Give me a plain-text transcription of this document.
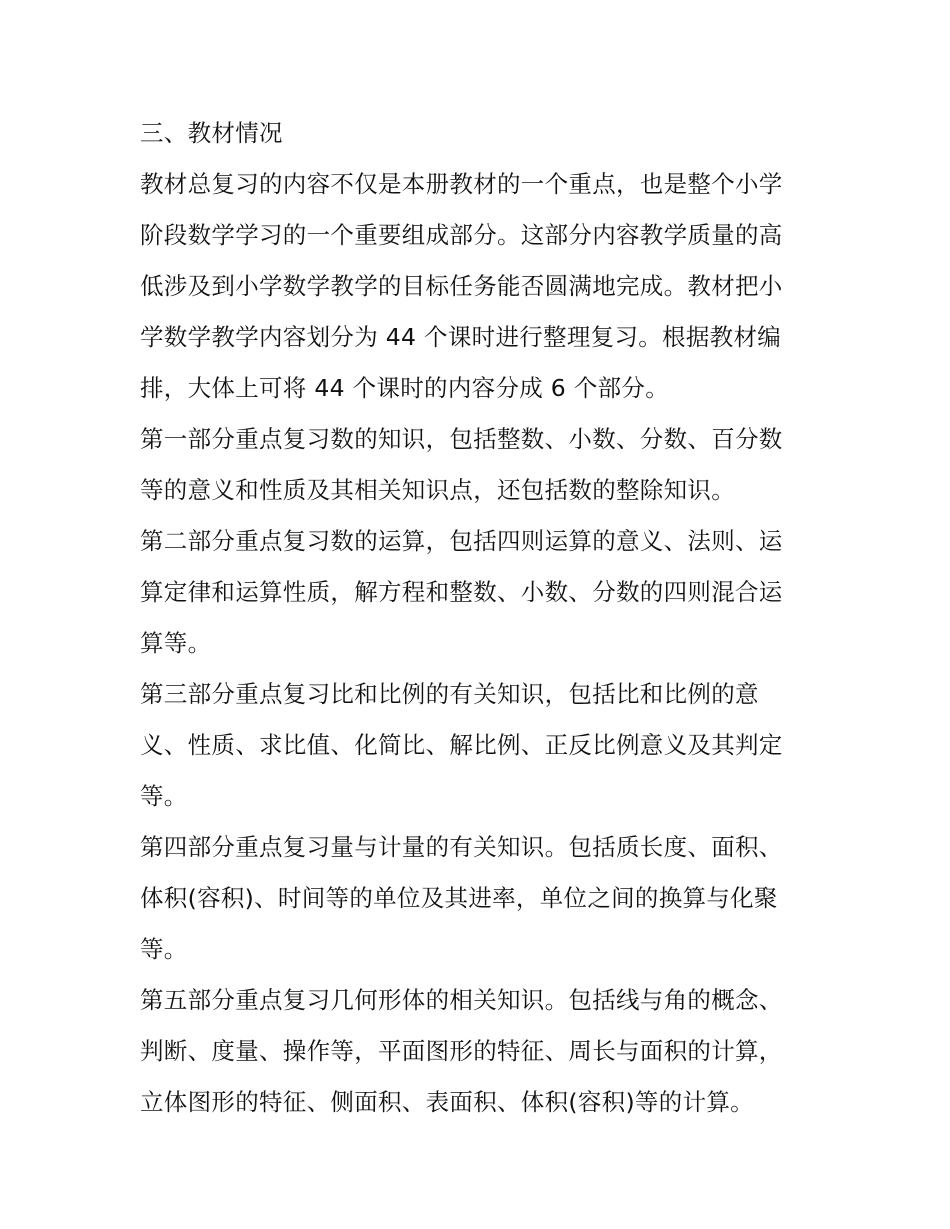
三、教材情况
教材总复习的内容不仅是本册教材的一个重点，也是整个小学
阶段数学学习的一个重要组成部分。这部分内容教学质量的高
低涉及到小学数学教学的目标任务能否圆满地完成。教材把小
学数学教学内容划分为 44 个课时进行整理复习。根据教材编
排，大体上可将 44 个课时的内容分成 6 个部分。
第一部分重点复习数的知识，包括整数、小数、分数、百分数
等的意义和性质及其相关知识点，还包括数的整除知识。
第二部分重点复习数的运算，包括四则运算的意义、法则、运
算定律和运算性质，解方程和整数、小数、分数的四则混合运
算等。
第三部分重点复习比和比例的有关知识，包括比和比例的意
义、性质、求比值、化简比、解比例、正反比例意义及其判定
等。
第四部分重点复习量与计量的有关知识。包括质长度、面积、
体积(容积)、时间等的单位及其进率，单位之间的换算与化聚
等。
第五部分重点复习几何形体的相关知识。包括线与角的概念、
判断、度量、操作等，平面图形的特征、周长与面积的计算，
立体图形的特征、侧面积、表面积、体积(容积)等的计算。
